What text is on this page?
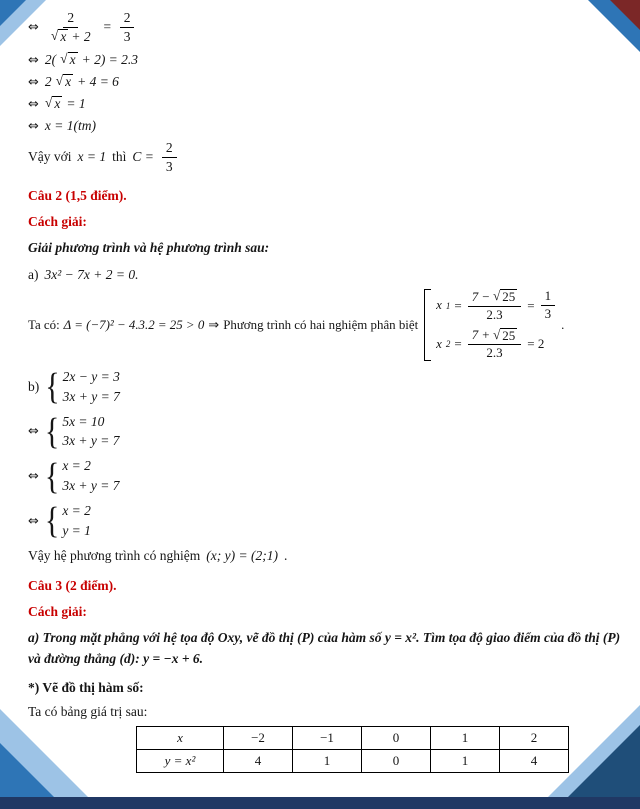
⇔ $\frac{2}{√ x + 2} = \frac{2}{3}$
⇔ 2( √ x + 2) = 2.3
⇔ 2 √ x + 4 = 6
⇔ √ x = 1
⇔ x = 1(tm)
Vậy với x = 1 thì $C = \frac{2}{3}$
Câu 2 (1,5 điểm).
Cách giải:
Giải phương trình và hệ phương trình sau:
a) 3x² − 7x + 2 = 0.
Ta có: Δ = (−7)² − 4.3.2 = 25 > 0 ⇒ Phương trình có hai nghiệm phân biệt
x $1 = \frac{7 - √ 25}{2.3} = \frac{1}{3}$
x $2 = \frac{7 + √ 25}{2.3} = 2$
.
b) { 2x − y = 3
3x + y = 7
⇔ { 5x = 10
3x + y = 7
⇔ { x = 2
3x + y = 7
⇔ { x = 2
y = 1
Vậy hệ phương trình có nghiệm (x; y) = (2;1) .
Câu 3 (2 điểm).
Cách giải:
a) Trong mặt phẳng với hệ tọa độ Oxy, vẽ đồ thị (P) của hàm số y = x². Tìm tọa độ giao điểm của đồ thị (P) và đường thẳng (d): y = −x + 6.
*) Vẽ đồ thị hàm số:
Ta có bảng giá trị sau:
x	−2	−1	0	1	2
y = x²	4	1	0	1	4
